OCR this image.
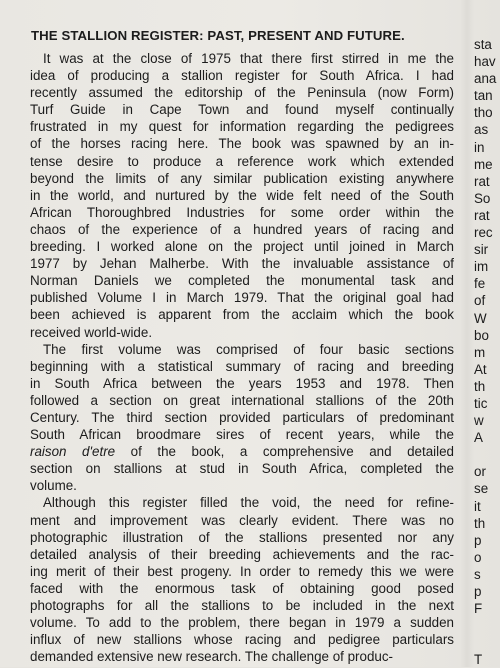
THE STALLION REGISTER: PAST, PRESENT AND FUTURE.
It was at the close of 1975 that there first stirred in me the
idea of producing a stallion register for South Africa. I had
recently assumed the editorship of the Peninsula (now Form)
Turf Guide in Cape Town and found myself continually
frustrated in my quest for information regarding the pedigrees
of the horses racing here. The book was spawned by an in-
tense desire to produce a reference work which extended
beyond the limits of any similar publication existing anywhere
in the world, and nurtured by the wide felt need of the South
African Thoroughbred Industries for some order within the
chaos of the experience of a hundred years of racing and
breeding. I worked alone on the project until joined in March
1977 by Jehan Malherbe. With the invaluable assistance of
Norman Daniels we completed the monumental task and
published Volume I in March 1979. That the original goal had
been achieved is apparent from the acclaim which the book
received world-wide.
The first volume was comprised of four basic sections
beginning with a statistical summary of racing and breeding
in South Africa between the years 1953 and 1978. Then
followed a section on great international stallions of the 20th
Century. The third section provided particulars of predominant
South African broodmare sires of recent years, while the
raison d'etre of the book, a comprehensive and detailed
section on stallions at stud in South Africa, completed the
volume.
Although this register filled the void, the need for refine-
ment and improvement was clearly evident. There was no
photographic illustration of the stallions presented nor any
detailed analysis of their breeding achievements and the rac-
ing merit of their best progeny. In order to remedy this we were
faced with the enormous task of obtaining good posed
photographs for all the stallions to be included in the next
volume. To add to the problem, there began in 1979 a sudden
influx of new stallions whose racing and pedigree particulars
demanded extensive new research. The challenge of produc-
sta
hav
ana
tan
tho
as
in
me
rat
So
rat
rec
sir
im
fe
of
W
bo
m
At
th
tic
w
A
or
se
it
th
p
o
s
p
F
T
